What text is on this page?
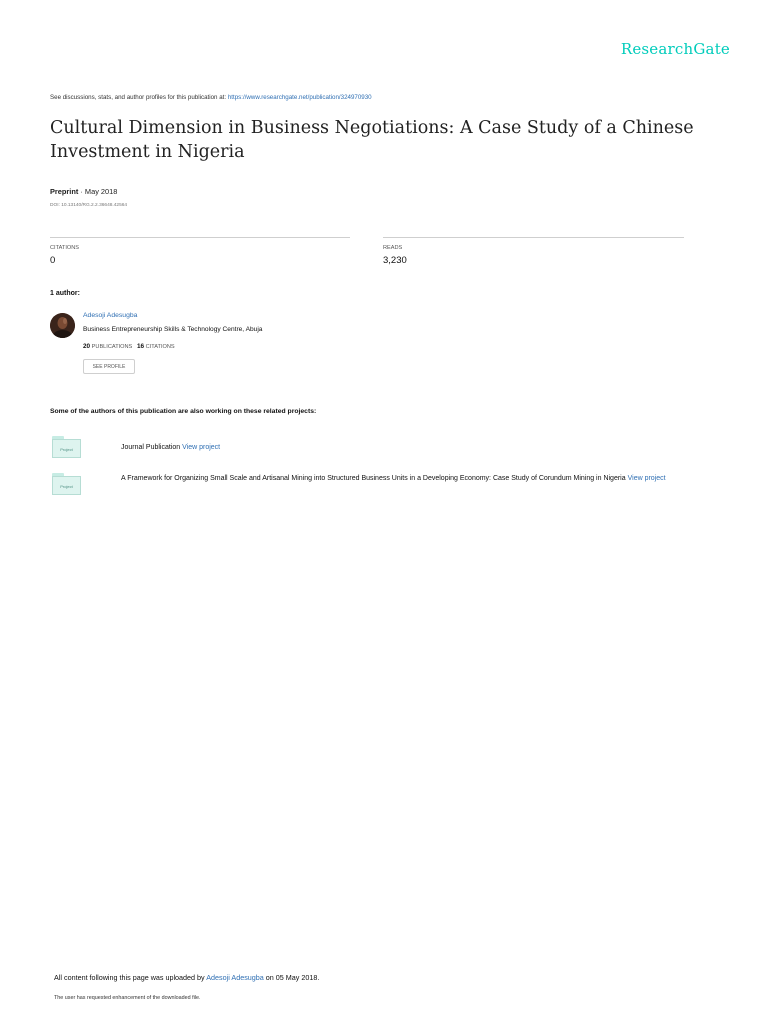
ResearchGate
See discussions, stats, and author profiles for this publication at: https://www.researchgate.net/publication/324970930
Cultural Dimension in Business Negotiations: A Case Study of a Chinese Investment in Nigeria
Preprint · May 2018
DOI: 10.13140/RG.2.2.36648.42564
CITATIONS
0
READS
3,230
1 author:
Adesoji Adesugba
Business Entrepreneurship Skills & Technology Centre, Abuja
20 PUBLICATIONS 16 CITATIONS
SEE PROFILE
Some of the authors of this publication are also working on these related projects:
Project	Journal Publication View project
Project
A Framework for Organizing Small Scale and Artisanal Mining into Structured Business Units in a Developing Economy: Case Study of Corundum Mining in Nigeria View project
All content following this page was uploaded by Adesoji Adesugba on 05 May 2018.
The user has requested enhancement of the downloaded file.
